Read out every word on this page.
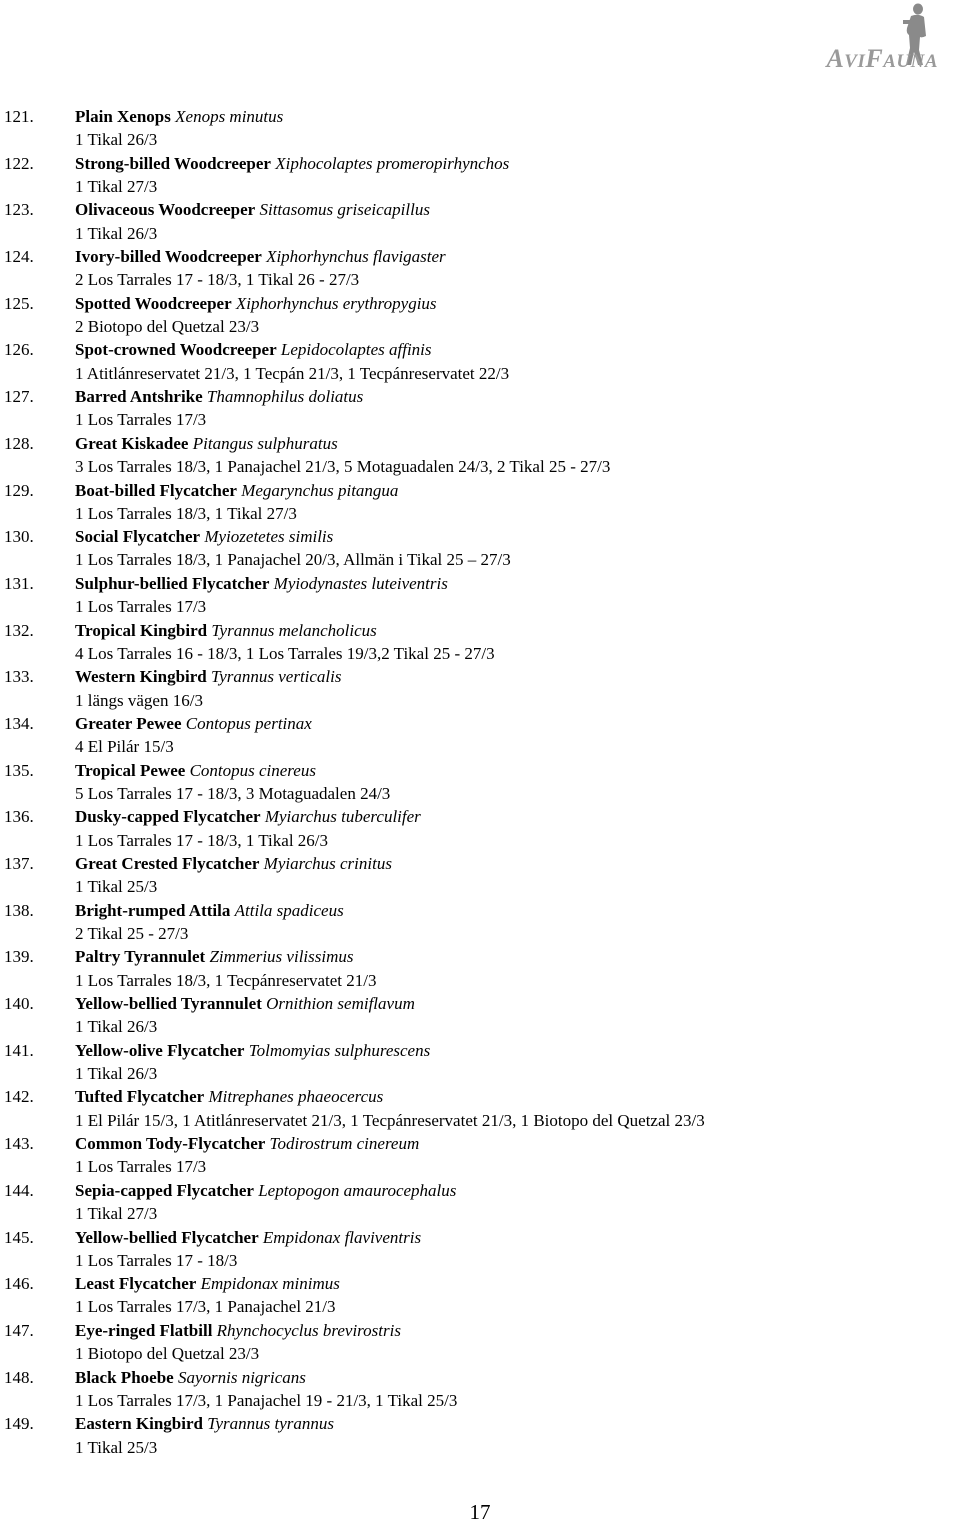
AVIFAUNA
121. Plain Xenops Xenops minutus
1 Tikal 26/3
122. Strong-billed Woodcreeper Xiphocolaptes promeropirhynchos
1 Tikal 27/3
123. Olivaceous Woodcreeper Sittasomus griseicapillus
1 Tikal 26/3
124. Ivory-billed Woodcreeper Xiphorhynchus flavigaster
2 Los Tarrales 17 - 18/3, 1 Tikal 26 - 27/3
125. Spotted Woodcreeper Xiphorhynchus erythropygius
2 Biotopo del Quetzal 23/3
126. Spot-crowned Woodcreeper Lepidocolaptes affinis
1 Atitlánreservatet 21/3, 1 Tecpán 21/3, 1 Tecpánreservatet 22/3
127. Barred Antshrike Thamnophilus doliatus
1 Los Tarrales 17/3
128. Great Kiskadee Pitangus sulphuratus
3 Los Tarrales 18/3, 1 Panajachel 21/3, 5 Motaguadalen 24/3, 2 Tikal 25 - 27/3
129. Boat-billed Flycatcher Megarynchus pitangua
1 Los Tarrales 18/3, 1 Tikal 27/3
130. Social Flycatcher Myiozetetes similis
1 Los Tarrales 18/3, 1 Panajachel 20/3, Allmän i Tikal 25 – 27/3
131. Sulphur-bellied Flycatcher Myiodynastes luteiventris
1 Los Tarrales 17/3
132. Tropical Kingbird Tyrannus melancholicus
4 Los Tarrales 16 - 18/3, 1 Los Tarrales 19/3,2 Tikal 25 - 27/3
133. Western Kingbird Tyrannus verticalis
1 längs vägen 16/3
134. Greater Pewee Contopus pertinax
4 El Pilár 15/3
135. Tropical Pewee Contopus cinereus
5 Los Tarrales 17 - 18/3, 3 Motaguadalen 24/3
136. Dusky-capped Flycatcher Myiarchus tuberculifer
1 Los Tarrales 17 - 18/3, 1 Tikal 26/3
137. Great Crested Flycatcher Myiarchus crinitus
1 Tikal 25/3
138. Bright-rumped Attila Attila spadiceus
2 Tikal 25 - 27/3
139. Paltry Tyrannulet Zimmerius vilissimus
1 Los Tarrales 18/3, 1 Tecpánreservatet 21/3
140. Yellow-bellied Tyrannulet Ornithion semiflavum
1 Tikal 26/3
141. Yellow-olive Flycatcher Tolmomyias sulphurescens
1 Tikal 26/3
142. Tufted Flycatcher Mitrephanes phaeocercus
1 El Pilár 15/3, 1 Atitlánreservatet 21/3, 1 Tecpánreservatet 21/3, 1 Biotopo del Quetzal 23/3
143. Common Tody-Flycatcher Todirostrum cinereum
1 Los Tarrales 17/3
144. Sepia-capped Flycatcher Leptopogon amaurocephalus
1 Tikal 27/3
145. Yellow-bellied Flycatcher Empidonax flaviventris
1 Los Tarrales 17 - 18/3
146. Least Flycatcher Empidonax minimus
1 Los Tarrales 17/3, 1 Panajachel 21/3
147. Eye-ringed Flatbill Rhynchocyclus brevirostris
1 Biotopo del Quetzal 23/3
148. Black Phoebe Sayornis nigricans
1 Los Tarrales 17/3, 1 Panajachel 19 - 21/3, 1 Tikal 25/3
149. Eastern Kingbird Tyrannus tyrannus
1 Tikal 25/3
17
